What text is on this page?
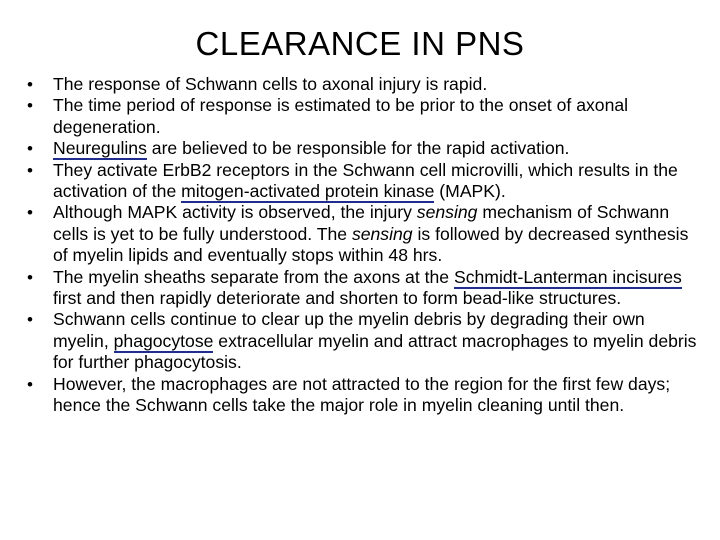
CLEARANCE IN PNS
• The response of Schwann cells to axonal injury is rapid.
• The time period of response is estimated to be prior to the onset of axonal degeneration.
• Neuregulins are believed to be responsible for the rapid activation.
• They activate ErbB2 receptors in the Schwann cell microvilli, which results in the activation of the mitogen-activated protein kinase (MAPK).
• Although MAPK activity is observed, the injury sensing mechanism of Schwann cells is yet to be fully understood. The sensing is followed by decreased synthesis of myelin lipids and eventually stops within 48 hrs.
• The myelin sheaths separate from the axons at the Schmidt-Lanterman incisures first and then rapidly deteriorate and shorten to form bead-like structures.
• Schwann cells continue to clear up the myelin debris by degrading their own myelin, phagocytose extracellular myelin and attract macrophages to myelin debris for further phagocytosis.
• However, the macrophages are not attracted to the region for the first few days; hence the Schwann cells take the major role in myelin cleaning until then.
